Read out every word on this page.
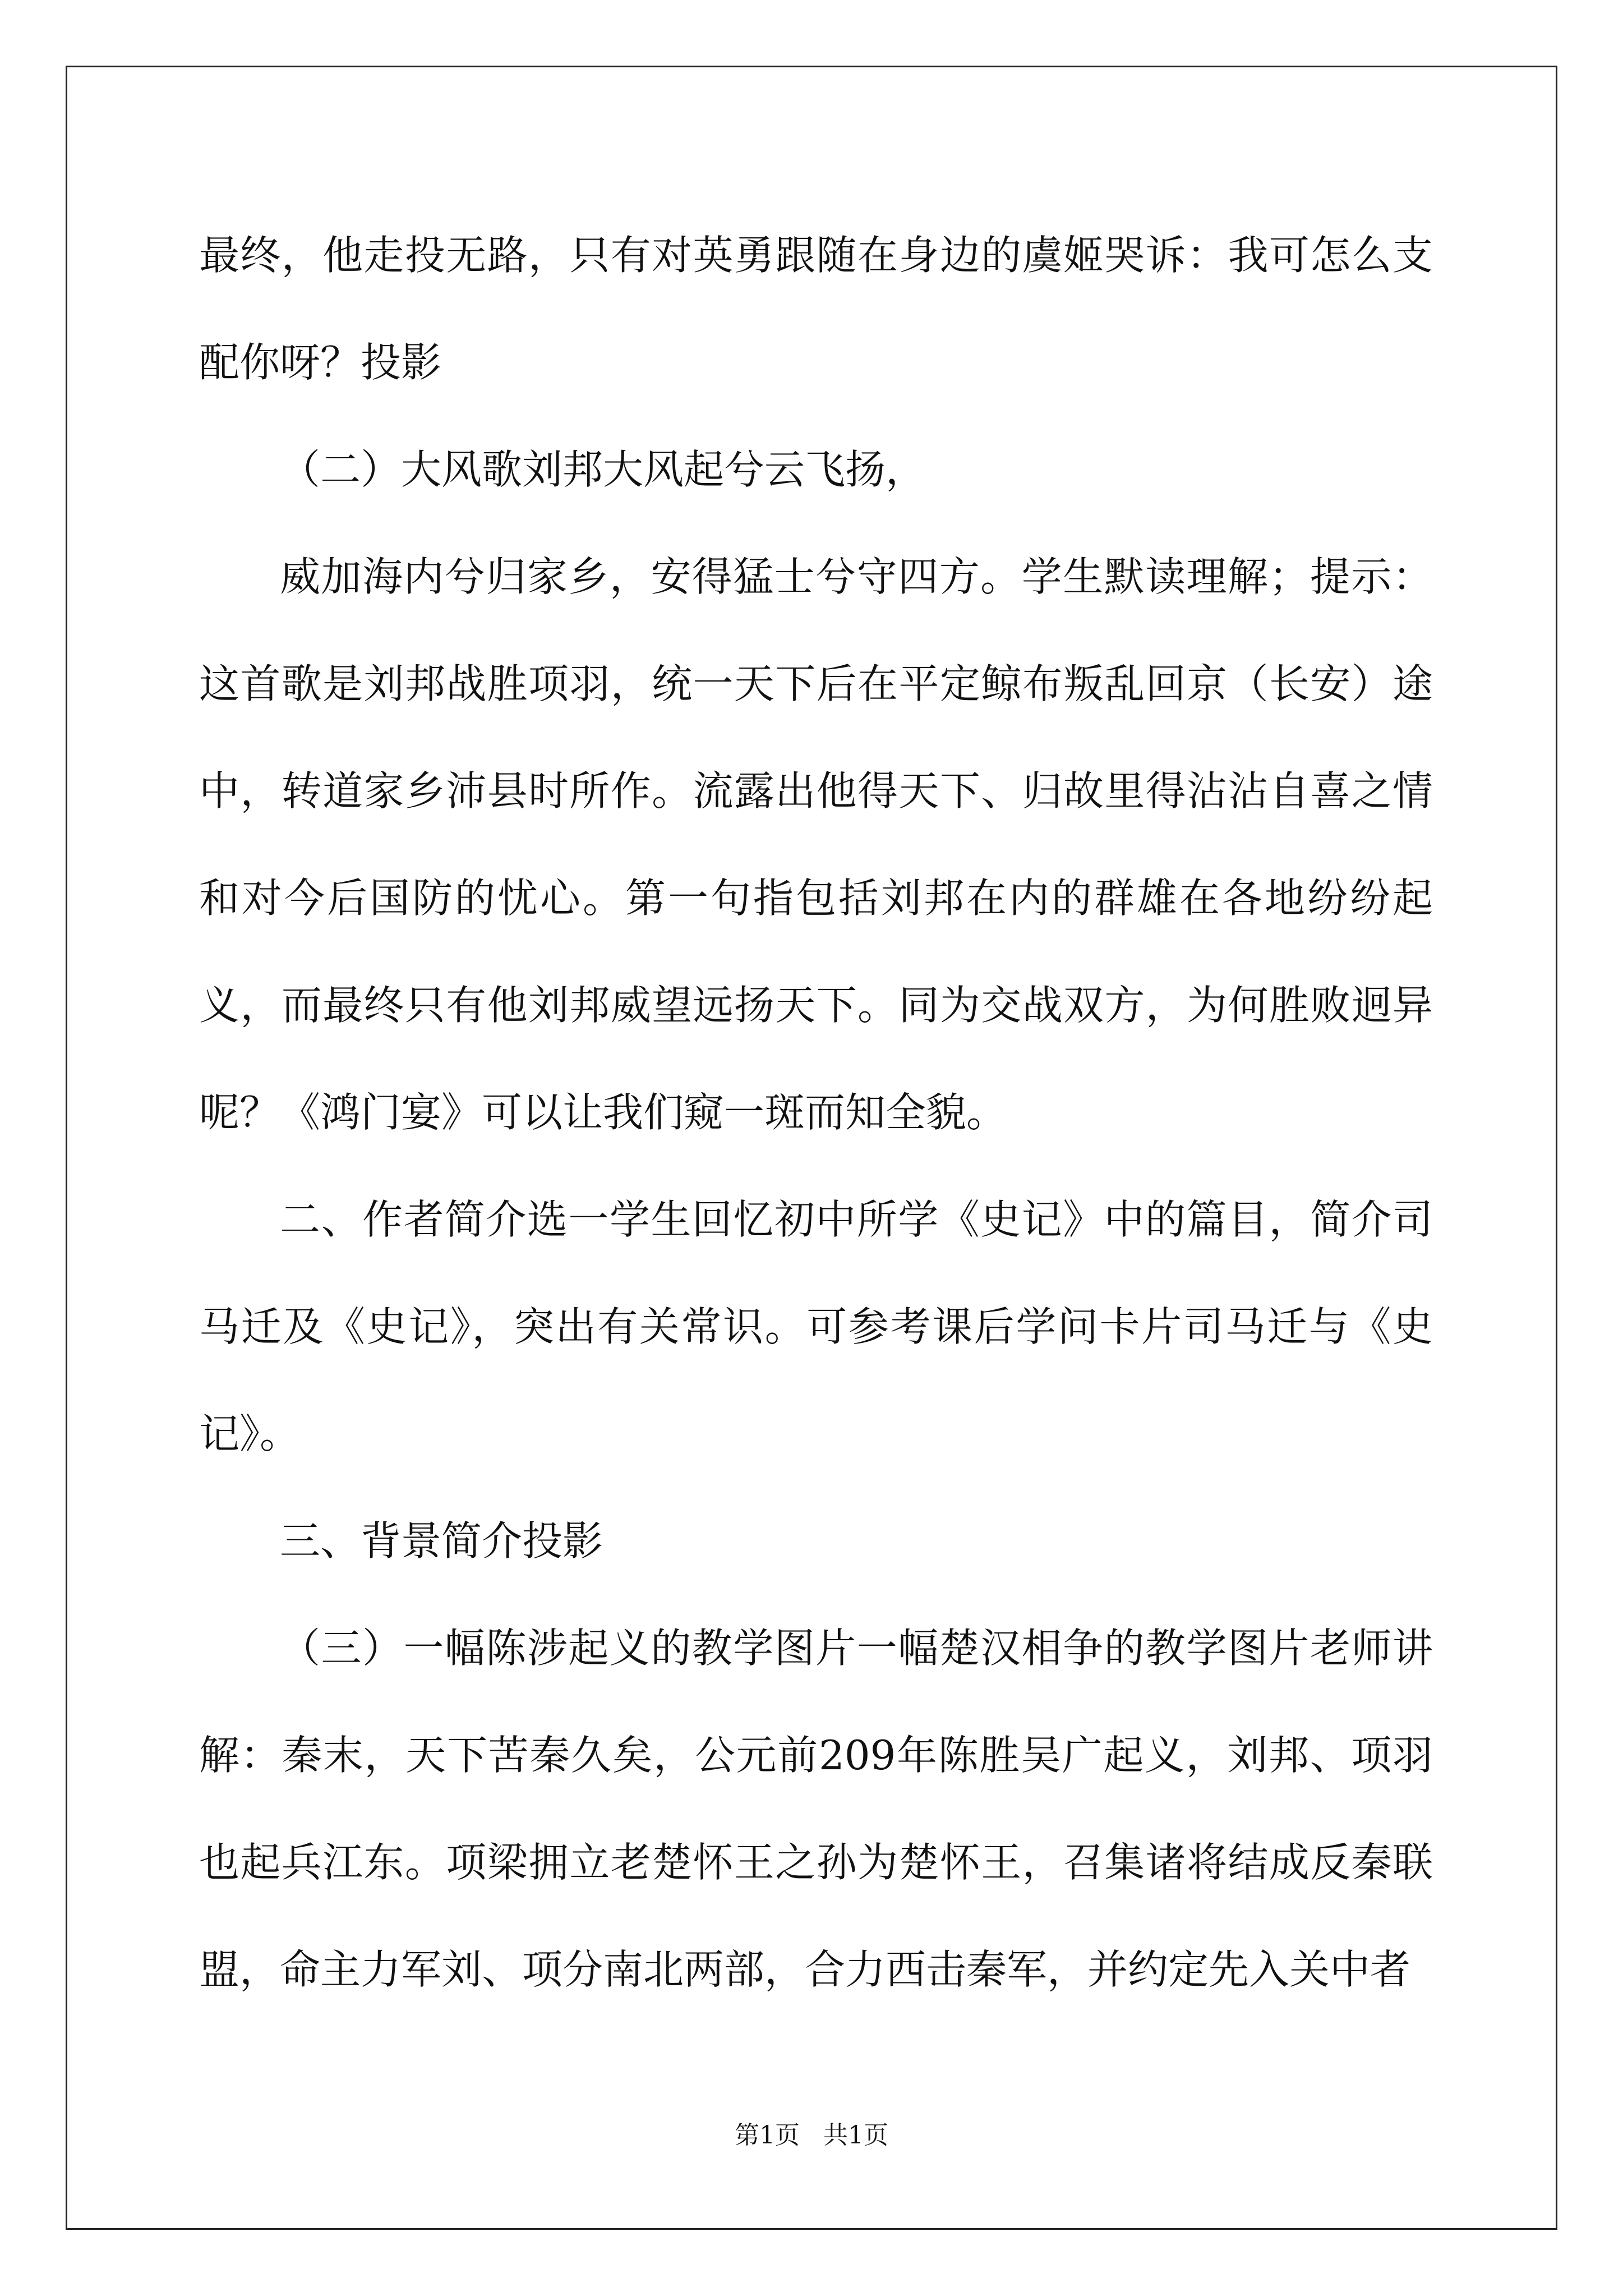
最终，他走投无路，只有对英勇跟随在身边的虞姬哭诉：我可怎么支配你呀？投影

（二）大风歌刘邦大风起兮云飞扬，

威加海内兮归家乡，安得猛士兮守四方。学生默读理解；提示：这首歌是刘邦战胜项羽，统一天下后在平定鲸布叛乱回京（长安）途中，转道家乡沛县时所作。流露出他得天下、归故里得沾沾自喜之情和对今后国防的忧心。第一句指包括刘邦在内的群雄在各地纷纷起义，而最终只有他刘邦威望远扬天下。同为交战双方，为何胜败迥异呢？《鸿门宴》可以让我们窥一斑而知全貌。

二、作者简介选一学生回忆初中所学《史记》中的篇目，简介司马迁及《史记》，突出有关常识。可参考课后学问卡片司马迁与《史记》。

三、背景简介投影

（三）一幅陈涉起义的教学图片一幅楚汉相争的教学图片老师讲解：秦末，天下苦秦久矣，公元前209年陈胜吴广起义，刘邦、项羽也起兵江东。项梁拥立老楚怀王之孙为楚怀王，召集诸将结成反秦联盟，命主力军刘、项分南北两部，合力西击秦军，并约定先入关中者

第1页   共1页
